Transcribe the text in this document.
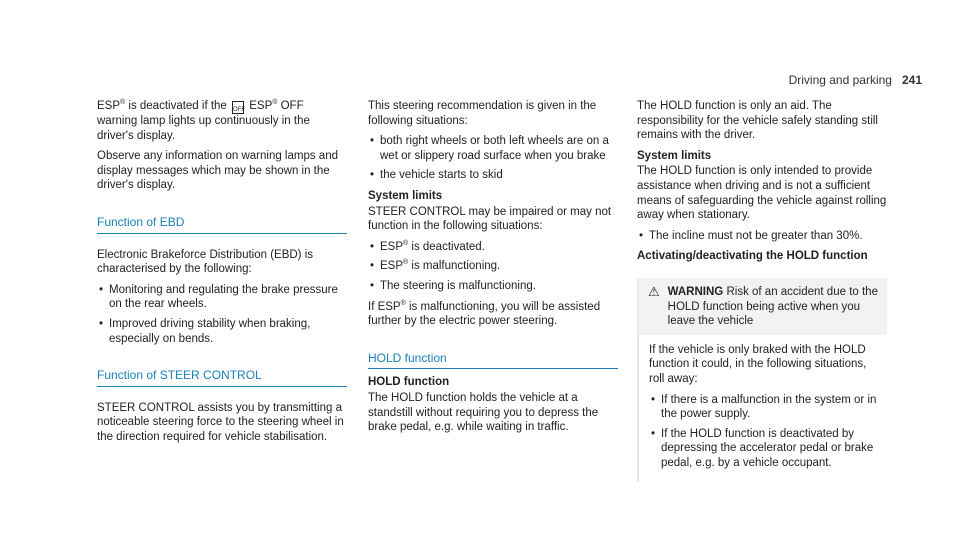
Driving and parking 241

ESP® is deactivated if the OFF ESP® OFF warning lamp lights up continuously in the driver's display.

Observe any information on warning lamps and display messages which may be shown in the driver's display.

Function of EBD

Electronic Brakeforce Distribution (EBD) is characterised by the following:

• Monitoring and regulating the brake pressure on the rear wheels.
• Improved driving stability when braking, especially on bends.
Function of STEER CONTROL

STEER CONTROL assists you by transmitting a noticeable steering force to the steering wheel in the direction required for vehicle stabilisation.

This steering recommendation is given in the following situations:

• both right wheels or both left wheels are on a wet or slippery road surface when you brake
• the vehicle starts to skid
System limits

STEER CONTROL may be impaired or may not function in the following situations:

• ESP® is deactivated.
• ESP® is malfunctioning.
• The steering is malfunctioning.

If ESP® is malfunctioning, you will be assisted further by the electric power steering.

HOLD function
HOLD function

The HOLD function holds the vehicle at a standstill without requiring you to depress the brake pedal, e.g. while waiting in traffic.

The HOLD function is only an aid. The responsibility for the vehicle safely standing still remains with the driver.

System limits

The HOLD function is only intended to provide assistance when driving and is not a sufficient means of safeguarding the vehicle against rolling away when stationary.

• The incline must not be greater than 30%.
Activating/deactivating the HOLD function
⚠ WARNING Risk of an accident due to the HOLD function being active when you leave the vehicle

If the vehicle is only braked with the HOLD function it could, in the following situations, roll away:

• If there is a malfunction in the system or in the power supply.
• If the HOLD function is deactivated by depressing the accelerator pedal or brake pedal, e.g. by a vehicle occupant.
